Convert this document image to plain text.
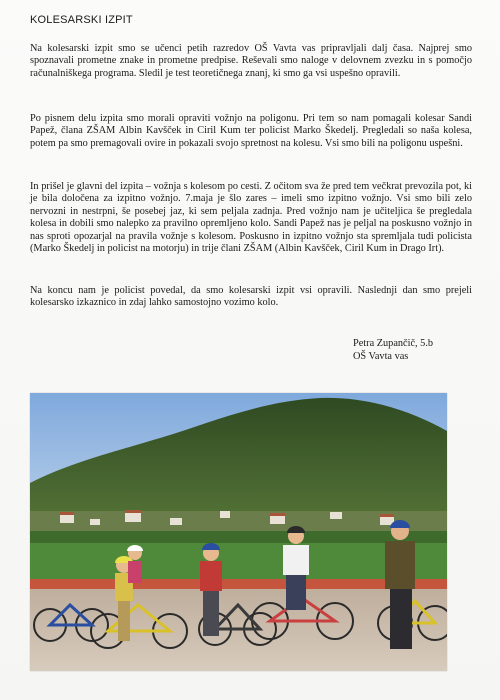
KOLESARSKI IZPIT

Na kolesarski izpit smo se učenci petih razredov OŠ Vavta vas pripravljali dalj časa. Najprej smo spoznavali prometne znake in prometne predpise. Reševali smo naloge v delovnem zvezku in s pomočjo računalniškega programa. Sledil je test teoretičnega znanj, ki smo ga vsi uspešno opravili.

Po pisnem delu izpita smo morali opraviti vožnjo na poligonu. Pri tem so nam pomagali kolesar Sandi Papež, člana ZŠAM Albin Kavšček in Ciril Kum ter policist Marko Škedelj. Pregledali so naša kolesa, potem pa smo premagovali ovire in pokazali svojo spretnost na kolesu. Vsi smo bili na poligonu uspešni.

In prišel je glavni del izpita – vožnja s kolesom po cesti. Z očitom sva že pred tem večkrat prevozila pot, ki je bila določena za izpitno vožnjo. 7.maja je šlo zares – imeli smo izpitno vožnjo. Vsi smo bili zelo nervozni in nestrpni, še posebej jaz, ki sem peljala zadnja. Pred vožnjo nam je učiteljica še pregledala kolesa in dobili smo nalepko za pravilno opremljeno kolo. Sandi Papež nas je peljal na poskusno vožnjo in nas sproti opozarjal na pravila vožnje s kolesom. Poskusno in izpitno vožnjo sta spremljala tudi policista (Marko Škedelj in policist na motorju) in trije člani ZŠAM (Albin Kavšček, Ciril Kum in Drago Irt).

Na koncu nam je policist povedal, da smo kolesarski izpit vsi opravili. Naslednji dan smo prejeli kolesarsko izkaznico in zdaj lahko samostojno vozimo kolo.

Petra Zupančič, 5.b
OŠ Vavta vas
